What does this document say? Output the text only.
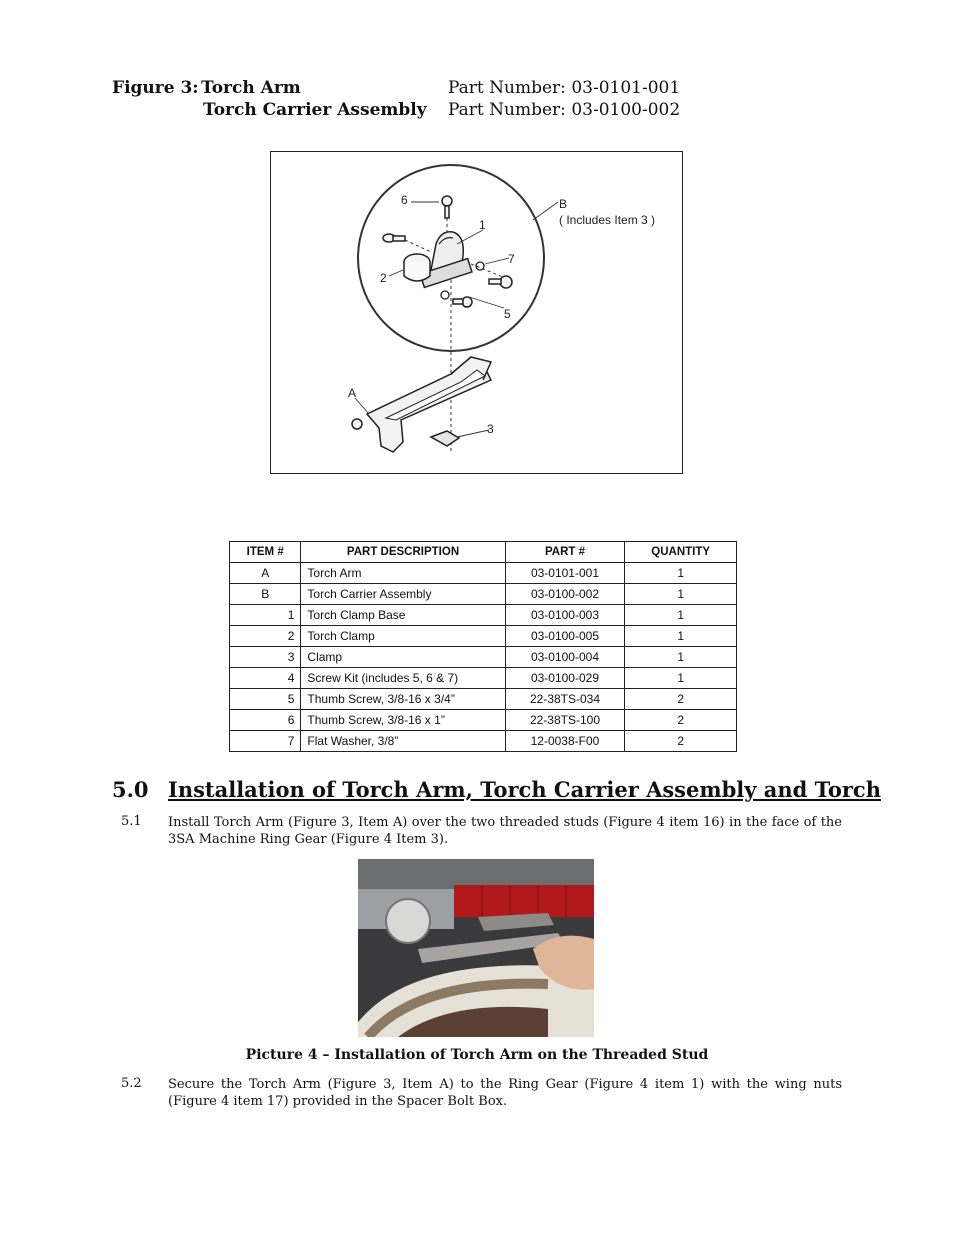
Figure 3: Torch Arm	Part Number: 03-0101-001
Torch Carrier Assembly Part Number: 03-0100-002
6
1
7
2
5
B
( Includes Item 3 )
A
3
ITEM #	PART DESCRIPTION	PART #	QUANTITY
A	Torch Arm	03-0101-001	1
B	Torch Carrier Assembly	03-0100-002	1
1	Torch Clamp Base	03-0100-003	1
2	Torch Clamp	03-0100-005	1
3	Clamp	03-0100-004	1
4	Screw Kit (includes 5, 6 & 7)	03-0100-029	1
5	Thumb Screw, 3/8-16 x 3/4”	22-38TS-034	2
6	Thumb Screw, 3/8-16 x 1”	22-38TS-100	2
7	Flat Washer, 3/8”	12-0038-F00	2
5.0 Installation of Torch Arm, Torch Carrier Assembly and Torch
5.1 Install Torch Arm (Figure 3, Item A) over the two threaded studs (Figure 4 item 16) in the face of the 3SA Machine Ring Gear (Figure 4 Item 3).
Picture 4 – Installation of Torch Arm on the Threaded Stud
5.2 Secure the Torch Arm (Figure 3, Item A) to the Ring Gear (Figure 4 item 1) with the wing nuts (Figure 4 item 17) provided in the Spacer Bolt Box.
